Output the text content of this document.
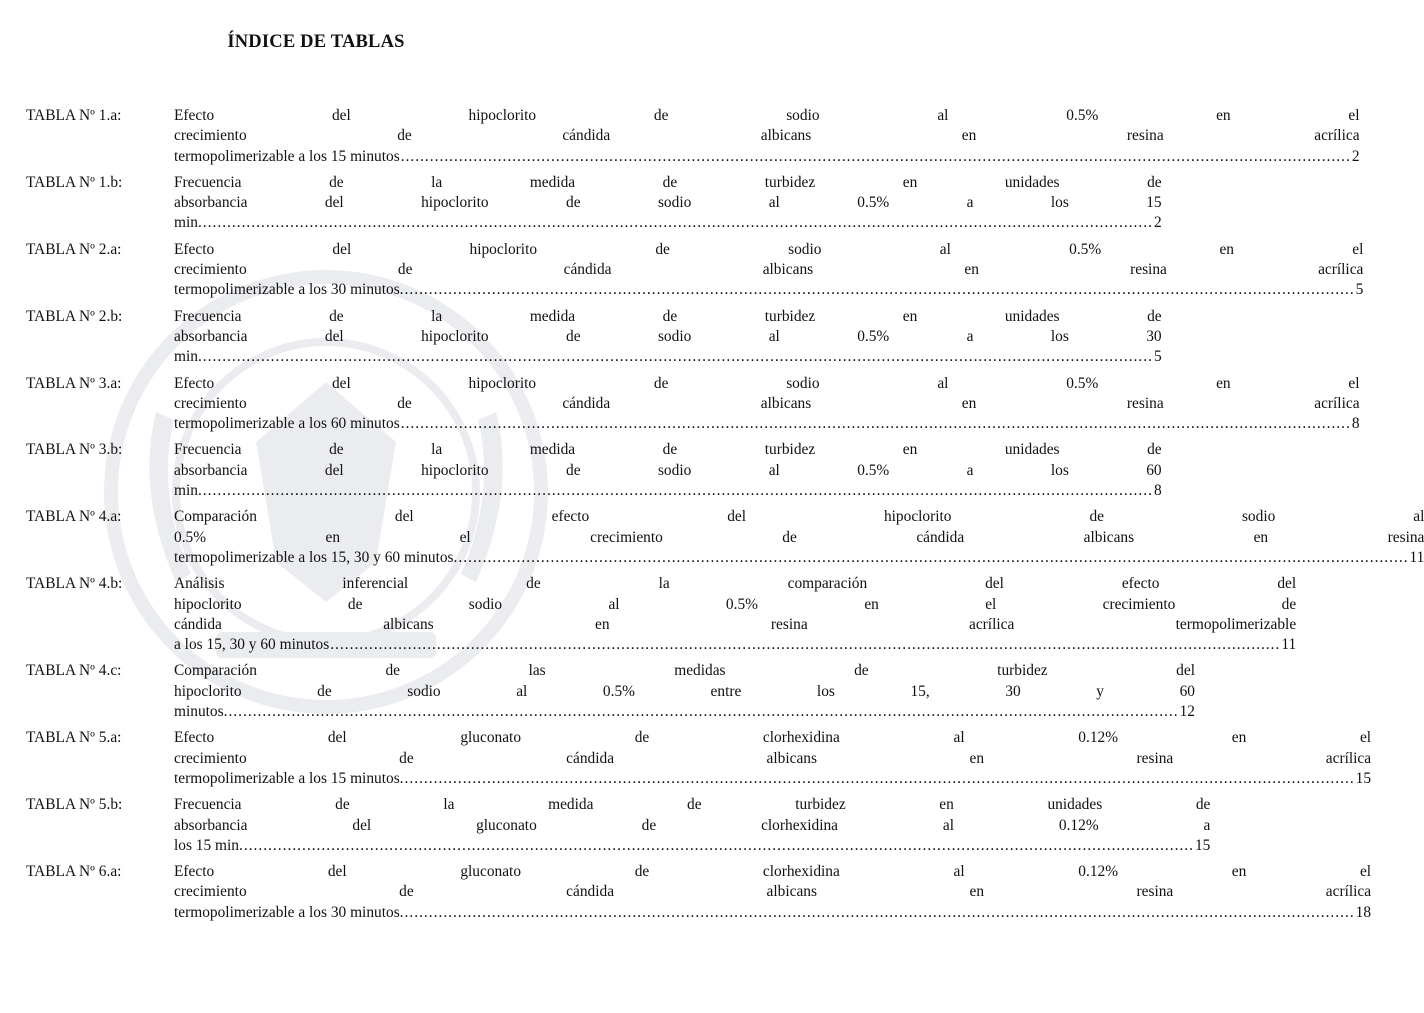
ÍNDICE DE TABLAS
TABLA Nº 1.a:	Efecto del hipoclorito de sodio al 0.5% en el
crecimiento de cándida albicans en resina acrílica
termopolimerizable a los 15 minutos .....	2
TABLA Nº 1.b:	Frecuencia de la medida de turbidez en unidades de
absorbancia del hipoclorito de sodio al 0.5% a los 15
min. .....	2
TABLA Nº 2.a:	Efecto del hipoclorito de sodio al 0.5% en el
crecimiento de cándida albicans en resina acrílica
termopolimerizable a los 30 minutos. .....	5
TABLA Nº 2.b:	Frecuencia de la medida de turbidez en unidades de
absorbancia del hipoclorito de sodio al 0.5% a los 30
min. .....	5
TABLA Nº 3.a:	Efecto del hipoclorito de sodio al 0.5% en el
crecimiento de cándida albicans en resina acrílica
termopolimerizable a los 60 minutos .....	8
TABLA Nº 3.b:	Frecuencia de la medida de turbidez en unidades de
absorbancia del hipoclorito de sodio al 0.5% a los 60
min. .....	8
TABLA Nº 4.a:	Comparación del efecto del hipoclorito de sodio al
0.5% en el crecimiento de cándida albicans en resina
termopolimerizable a los 15, 30 y 60 minutos. .....	11
TABLA Nº 4.b:	Análisis inferencial de la comparación del efecto del
hipoclorito de sodio al 0.5% en el crecimiento de
cándida albicans en resina acrílica termopolimerizable
a los 15, 30 y 60 minutos .....	11
TABLA Nº 4.c:	Comparación de las medidas de turbidez del
hipoclorito de sodio al 0.5% entre los 15, 30 y 60
minutos. .....	12
TABLA Nº 5.a:	Efecto del gluconato de clorhexidina al 0.12% en el
crecimiento de cándida albicans en resina acrílica
termopolimerizable a los 15 minutos. .....	15
TABLA Nº 5.b:	Frecuencia de la medida de turbidez en unidades de
absorbancia del gluconato de clorhexidina al 0.12% a
los 15 min. .....	15
TABLA Nº 6.a:	Efecto del gluconato de clorhexidina al 0.12% en el
crecimiento de cándida albicans en resina acrílica
termopolimerizable a los 30 minutos. .....	18
